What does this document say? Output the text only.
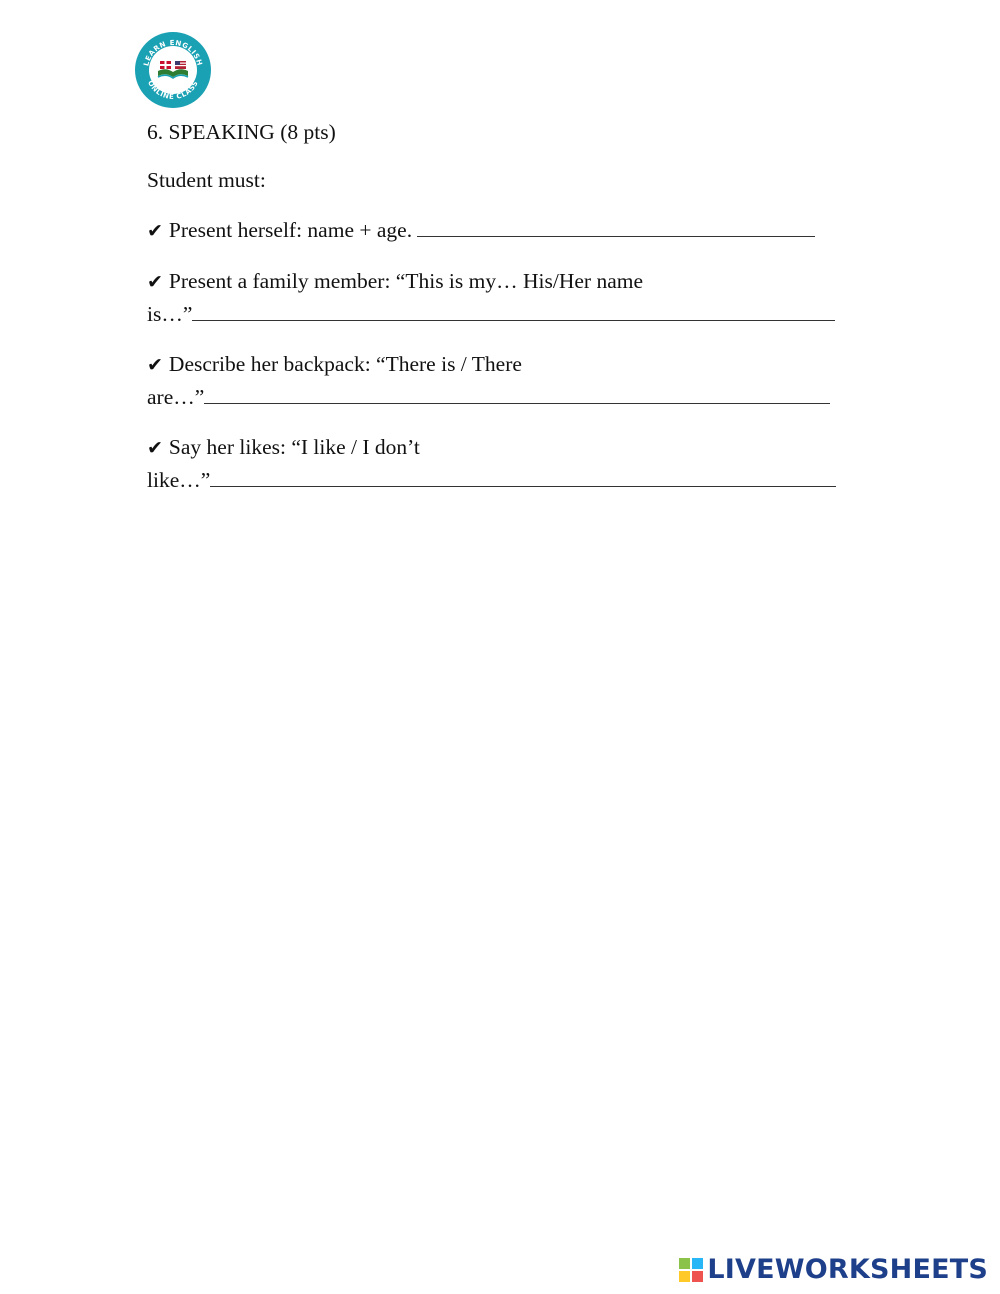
LEARN ENGLISH
ONLINE CLASS
6. SPEAKING (8 pts)
Student must:
✔ Present herself: name + age.
✔ Present a family member: “This is my… His/Her name
is…”
✔ Describe her backpack: “There is / There
are…”
✔ Say her likes: “I like / I don’t
like…”
LIVEWORKSHEETS
